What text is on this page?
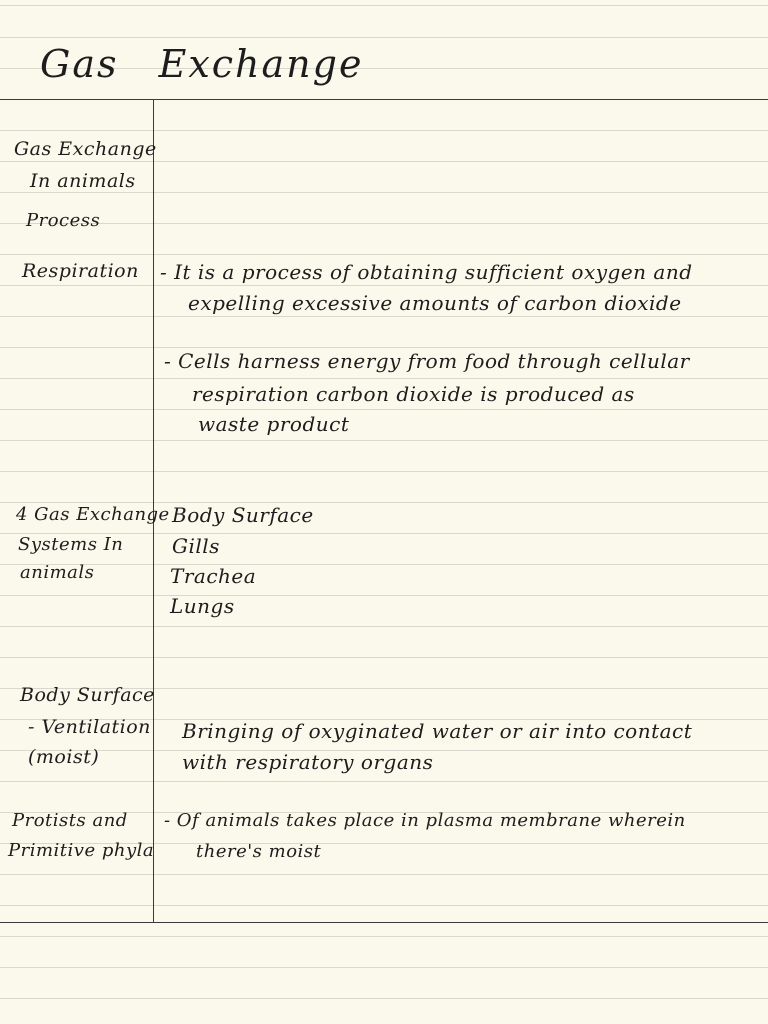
Gas Exchange
Gas Exchange
In animals
Process
Respiration
4 Gas Exchange
Systems In
animals
Body Surface
- Ventilation
(moist)
Protists and
Primitive phyla
- It is a process of obtaining sufficient oxygen and
expelling excessive amounts of carbon dioxide
- Cells harness energy from food through cellular
respiration carbon dioxide is produced as
waste product
Body Surface
Gills
Trachea
Lungs
Bringing of oxyginated water or air into contact
with respiratory organs
- Of animals takes place in plasma membrane wherein
there's moist
